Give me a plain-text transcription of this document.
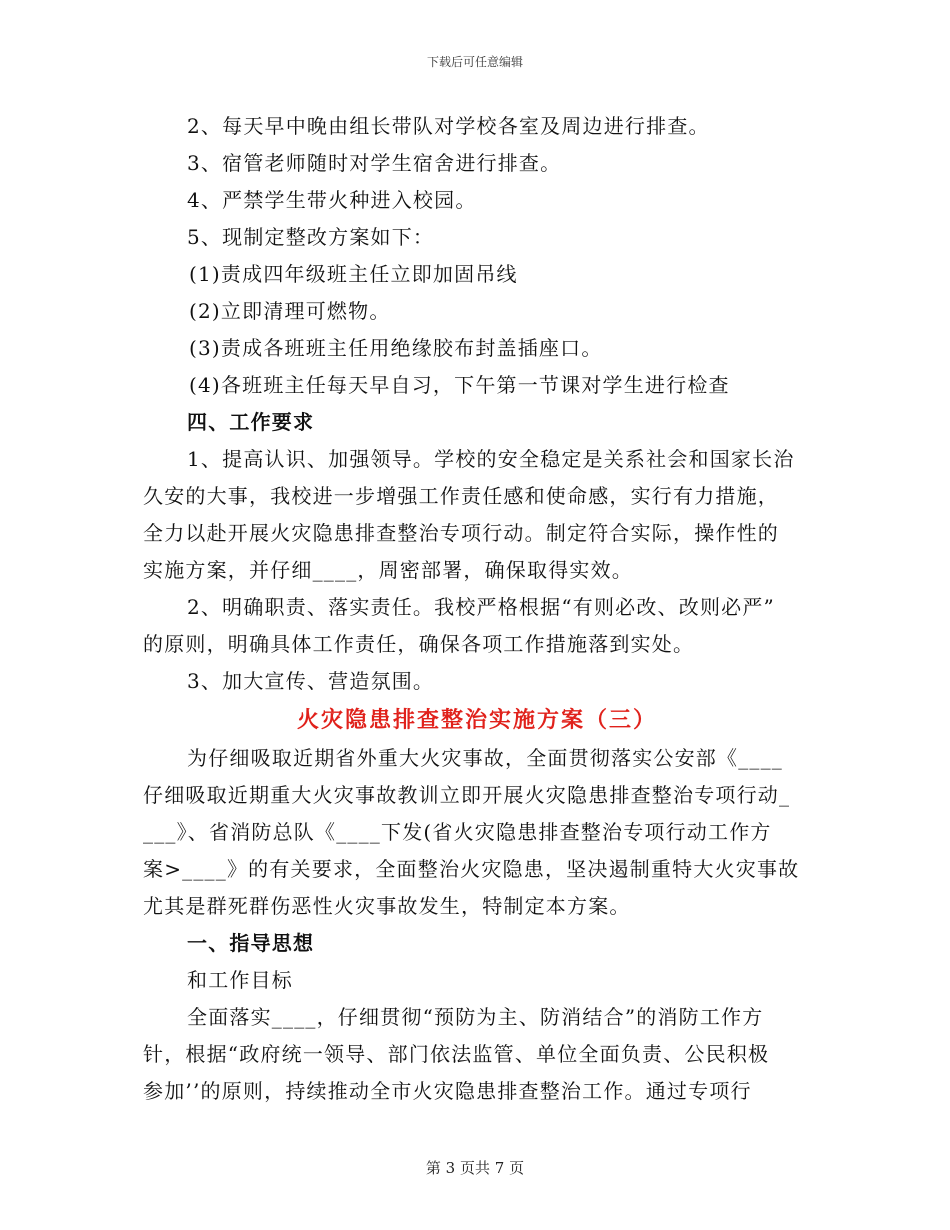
下载后可任意编辑
2、每天早中晚由组长带队对学校各室及周边进行排查。
3、宿管老师随时对学生宿舍进行排查。
4、严禁学生带火种进入校园。
5、现制定整改方案如下：
(1)责成四年级班主任立即加固吊线
(2)立即清理可燃物。
(3)责成各班班主任用绝缘胶布封盖插座口。
(4)各班班主任每天早自习，下午第一节课对学生进行检查
四、工作要求
1、提高认识、加强领导。学校的安全稳定是关系社会和国家长治
久安的大事，我校进一步增强工作责任感和使命感，实行有力措施，
全力以赴开展火灾隐患排查整治专项行动。制定符合实际，操作性的
实施方案，并仔细____，周密部署，确保取得实效。
2、明确职责、落实责任。我校严格根据“有则必改、改则必严”
的原则，明确具体工作责任，确保各项工作措施落到实处。
3、加大宣传、营造氛围。
火灾隐患排查整治实施方案（三）
为仔细吸取近期省外重大火灾事故，全面贯彻落实公安部《____
仔细吸取近期重大火灾事故教训立即开展火灾隐患排查整治专项行动_
___》、省消防总队《____下发(省火灾隐患排查整治专项行动工作方
案>____》的有关要求，全面整治火灾隐患，坚决遏制重特大火灾事故
尤其是群死群伤恶性火灾事故发生，特制定本方案。
一、指导思想
和工作目标
全面落实____，仔细贯彻“预防为主、防消结合”的消防工作方
针，根据“政府统一领导、部门依法监管、单位全面负责、公民积极
参加’’的原则，持续推动全市火灾隐患排查整治工作。通过专项行
第 3 页共 7 页
